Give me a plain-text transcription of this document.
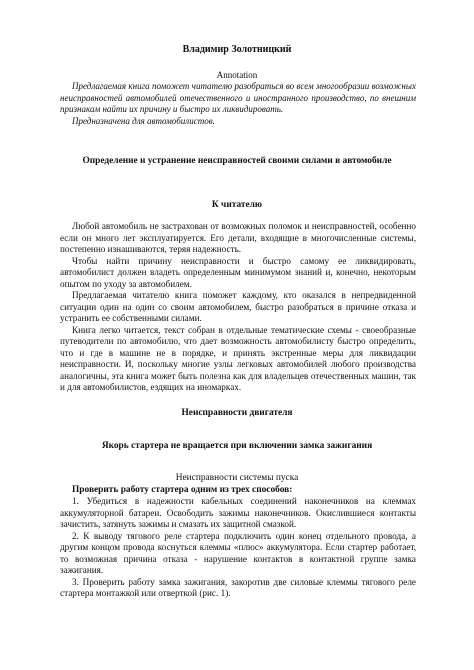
Владимир Золотницкий
Annotation

Предлагаемая книга поможет читателю разобраться во всем многообразии возможных неисправностей автомобилей отечественного и иностранного производство, по внешним признакам найти их причину и быстро их ликвидировать.

Предназначена для автомобилистов.

Определение и устранение неисправностей своими силами в автомобиле
К читателю

Любой автомобиль не застрахован от возможных поломок и неисправностей, особенно если он много лет эксплуатируется. Его детали, входящие в многочисленные системы, постепенно изнашиваются, теряя надежность.

Чтобы найти причину неисправности и быстро самому ее ликвидировать, автомобилист должен владеть определенным минимумом знаний и, конечно, некоторым опытом по уходу за автомобилем.

Предлагаемая читателю книга поможет каждому, кто оказался в непредвиденной ситуации один на один со своим автомобилем, быстро разобраться в причине отказа и устранить ее собственными силами.

Книга легко читается, текст собран в отдельные тематические схемы - своеобразные путеводители по автомобилю, что дает возможность автомобилисту быстро определить, что и где в машине не в порядке, и принять экстренные меры для ликвидации неисправности. И, поскольку многие узлы легковых автомобилей любого производства аналогичны, эта книга может быть полезна как для владельцев отечественных машин, так и для автомобилистов, ездящих на иномарках.

Неисправности двигателя
Якорь стартера не вращается при включении замка зажигания
Неисправности системы пуска
Проверить работу стартера одним из трех способов:

1. Убедиться в надежности кабельных соединений наконечников на клеммах аккумуляторной батареи. Освободить зажимы наконечников. Окислившиеся контакты зачистить, затянуть зажимы и смазать их защитной смазкой.

2. К выводу тягового реле стартера подключить один конец отдельного провода, а другим концом провода коснуться клеммы «плюс» аккумулятора. Если стартер работает, то возможная причина отказа - нарушение контактов в контактной группе замка зажигания.

3. Проверить работу замка зажигания, закоротив две силовые клеммы тягового реле стартера монтажкой или отверткой (рис. 1).
